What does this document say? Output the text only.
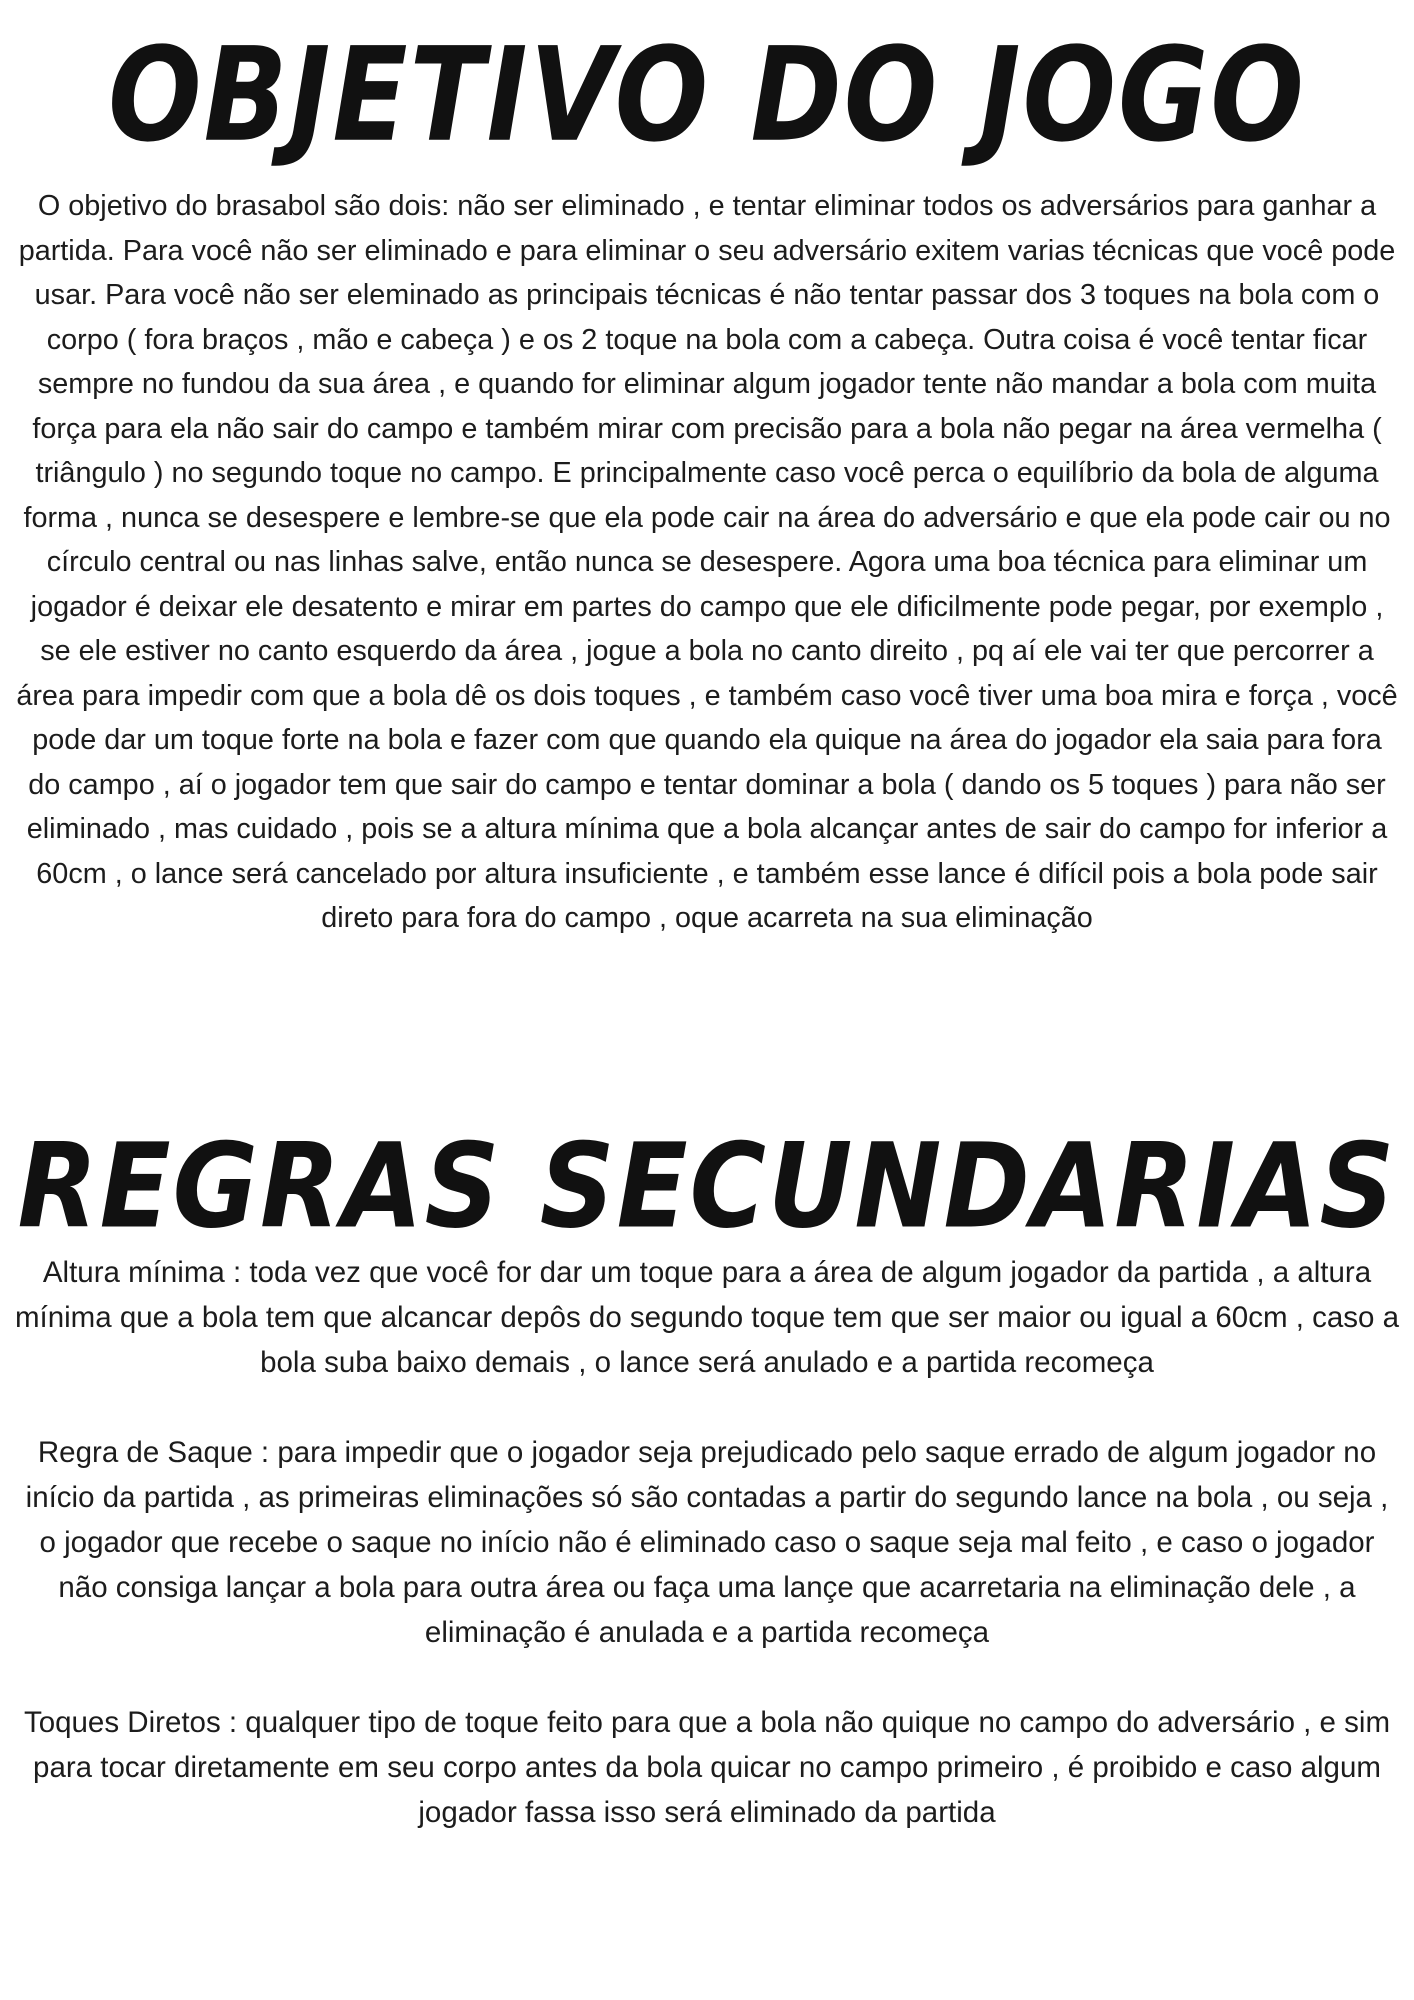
OBJETIVO DO JOGO

O objetivo do brasabol são dois: não ser eliminado , e tentar eliminar todos os adversários para ganhar a partida. Para você não ser eliminado e para eliminar o seu adversário exitem varias técnicas que você pode usar. Para você não ser eleminado as principais técnicas é não tentar passar dos 3 toques na bola com o corpo ( fora braços , mão e cabeça ) e os 2 toque na bola com a cabeça. Outra coisa é você tentar ficar sempre no fundou da sua área , e quando for eliminar algum jogador tente não mandar a bola com muita força para ela não sair do campo e também mirar com precisão para a bola não pegar na área vermelha ( triângulo ) no segundo toque no campo. E principalmente caso você perca o equilíbrio da bola de alguma forma , nunca se desespere e lembre-se que ela pode cair na área do adversário e que ela pode cair ou no círculo central ou nas linhas salve, então nunca se desespere. Agora uma boa técnica para eliminar um jogador é deixar ele desatento e mirar em partes do campo que ele dificilmente pode pegar, por exemplo , se ele estiver no canto esquerdo da área , jogue a bola no canto direito , pq aí ele vai ter que percorrer a área para impedir com que a bola dê os dois toques , e também caso você tiver uma boa mira e força , você pode dar um toque forte na bola e fazer com que quando ela quique na área do jogador ela saia para fora do campo , aí o jogador tem que sair do campo e tentar dominar a bola ( dando os 5 toques ) para não ser eliminado , mas cuidado , pois se a altura mínima que a bola alcançar antes de sair do campo for inferior a 60cm , o lance será cancelado por altura insuficiente , e também esse lance é difícil pois a bola pode sair direto para fora do campo , oque acarreta na sua eliminação

REGRAS SECUNDARIAS

Altura mínima : toda vez que você for dar um toque para a área de algum jogador da partida , a altura mínima que a bola tem que alcancar depôs do segundo toque tem que ser maior ou igual a 60cm , caso a bola suba baixo demais , o lance será anulado e a partida recomeça

Regra de Saque : para impedir que o jogador seja prejudicado pelo saque errado de algum jogador no início da partida , as primeiras eliminações só são contadas a partir do segundo lance na bola , ou seja , o jogador que recebe o saque no início não é eliminado caso o saque seja mal feito , e caso o jogador não consiga lançar a bola para outra área ou faça uma lançe que acarretaria na eliminação dele , a eliminação é anulada e a partida recomeça

Toques Diretos : qualquer tipo de toque feito para que a bola não quique no campo do adversário , e sim para tocar diretamente em seu corpo antes da bola quicar no campo primeiro , é proibido e caso algum jogador fassa isso será eliminado da partida
